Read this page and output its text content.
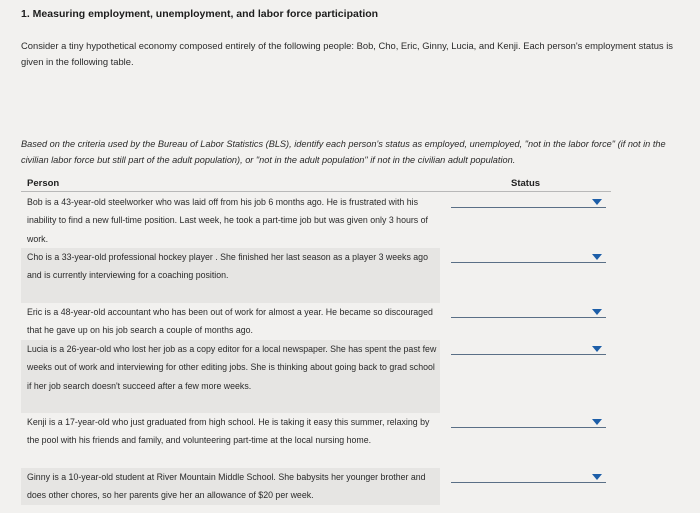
1. Measuring employment, unemployment, and labor force participation
Consider a tiny hypothetical economy composed entirely of the following people: Bob, Cho, Eric, Ginny, Lucia, and Kenji. Each person's employment status is given in the following table.
Based on the criteria used by the Bureau of Labor Statistics (BLS), identify each person's status as employed, unemployed, "not in the labor force" (if not in the civilian labor force but still part of the adult population), or "not in the adult population" if not in the civilian adult population.
Person	Status
Bob is a 43-year-old steelworker who was laid off from his job 6 months ago. He is frustrated with his inability to find a new full-time position. Last week, he took a part-time job but was given only 3 hours of work.
Cho is a 33-year-old professional hockey player . She finished her last season as a player 3 weeks ago and is currently interviewing for a coaching position.
Eric is a 48-year-old accountant who has been out of work for almost a year. He became so discouraged that he gave up on his job search a couple of months ago.
Lucia is a 26-year-old who lost her job as a copy editor for a local newspaper. She has spent the past few weeks out of work and interviewing for other editing jobs. She is thinking about going back to grad school if her job search doesn't succeed after a few more weeks.
Kenji is a 17-year-old who just graduated from high school. He is taking it easy this summer, relaxing by the pool with his friends and family, and volunteering part-time at the local nursing home.
Ginny is a 10-year-old student at River Mountain Middle School. She babysits her younger brother and does other chores, so her parents give her an allowance of $20 per week.
